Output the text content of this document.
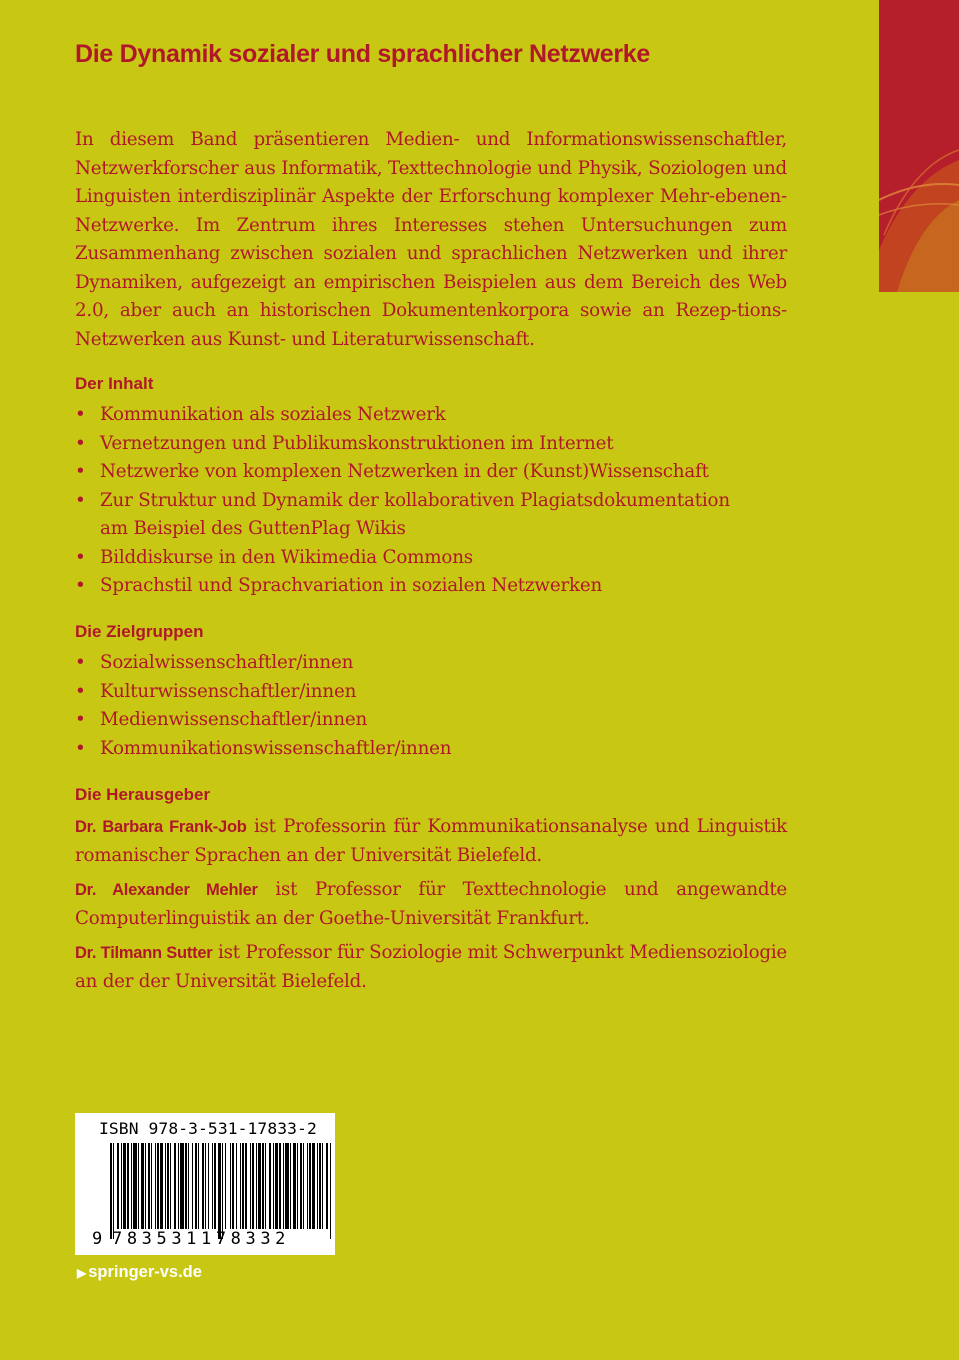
Die Dynamik sozialer und sprachlicher Netzwerke
In diesem Band präsentieren Medien- und Informationswissenschaftler, Netzwerkforscher aus Informatik, Texttechnologie und Physik, Soziologen und Linguisten interdisziplinär Aspekte der Erforschung komplexer Mehr-ebenen-Netzwerke. Im Zentrum ihres Interesses stehen Untersuchungen zum Zusammenhang zwischen sozialen und sprachlichen Netzwerken und ihrer Dynamiken, aufgezeigt an empirischen Beispielen aus dem Bereich des Web 2.0, aber auch an historischen Dokumentenkorpora sowie an Rezep-tions-Netzwerken aus Kunst- und Literaturwissenschaft.
Der Inhalt
• Kommunikation als soziales Netzwerk
• Vernetzungen und Publikumskonstruktionen im Internet
• Netzwerke von komplexen Netzwerken in der (Kunst)Wissenschaft
• Zur Struktur und Dynamik der kollaborativen Plagiatsdokumentation
am Beispiel des GuttenPlag Wikis
• Bilddiskurse in den Wikimedia Commons
• Sprachstil und Sprachvariation in sozialen Netzwerken
Die Zielgruppen
• Sozialwissenschaftler/innen
• Kulturwissenschaftler/innen
• Medienwissenschaftler/innen
• Kommunikationswissenschaftler/innen
Die Herausgeber
Dr. Barbara Frank-Job ist Professorin für Kommunikationsanalyse und Linguistik romanischer Sprachen an der Universität Bielefeld.
Dr. Alexander Mehler ist Professor für Texttechnologie und angewandte Computerlinguistik an der Goethe-Universität Frankfurt.
Dr. Tilmann Sutter ist Professor für Soziologie mit Schwerpunkt Mediensoziologie an der der Universität Bielefeld.
ISBN 978-3-531-17833-2
9 783531178332
▶ springer-vs.de
